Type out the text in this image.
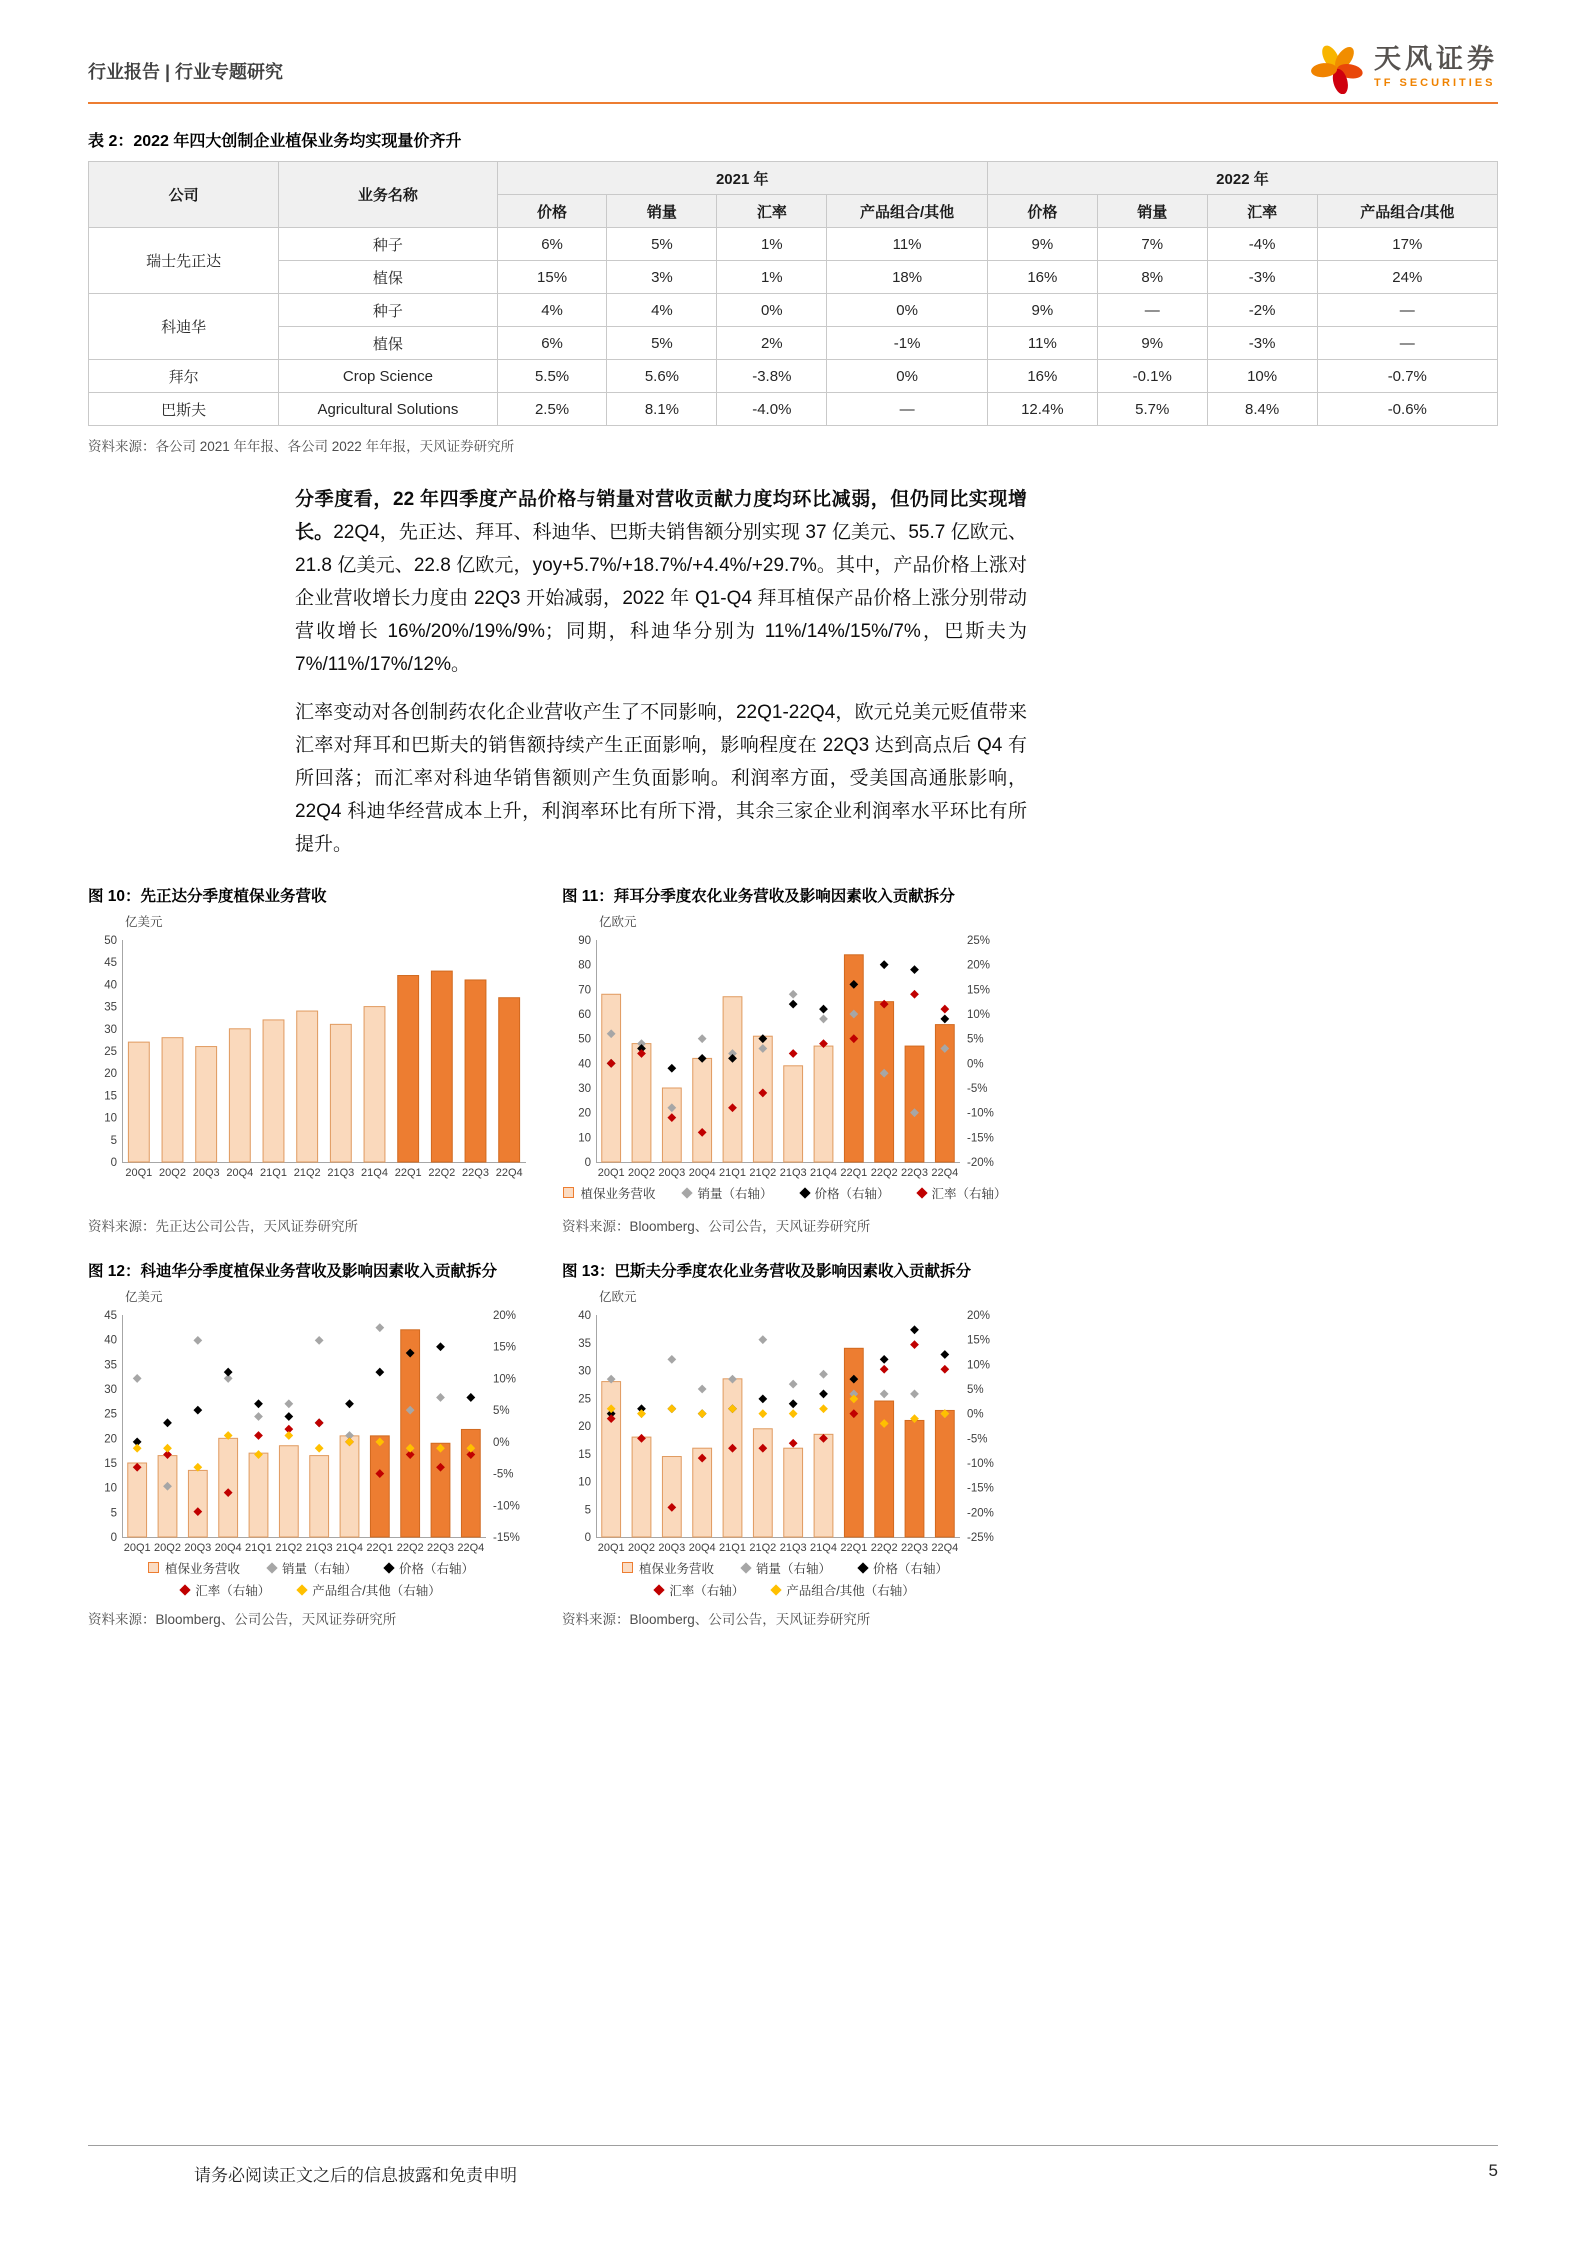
行业报告 | 行业专题研究	天风证券
TF SECURITIES
表 2：2022 年四大创制企业植保业务均实现量价齐升
公司	业务名称	2021 年				2022 年			
		价格	销量	汇率	产品组合/其他	价格	销量	汇率	产品组合/其他
瑞士先正达	种子	6%	5%	1%	11%	9%	7%	-4%	17%
	植保	15%	3%	1%	18%	16%	8%	-3%	24%
科迪华	种子	4%	4%	0%	0%	9%	—	-2%	—
	植保	6%	5%	2%	-1%	11%	9%	-3%	—
拜尔	Crop Science	5.5%	5.6%	-3.8%	0%	16%	-0.1%	10%	-0.7%
巴斯夫	Agricultural Solutions	2.5%	8.1%	-4.0%	—	12.4%	5.7%	8.4%	-0.6%
资料来源：各公司 2021 年年报、各公司 2022 年年报，天风证券研究所

分季度看，22 年四季度产品价格与销量对营收贡献力度均环比减弱，但仍同比实现增长。22Q4，先正达、拜耳、科迪华、巴斯夫销售额分别实现 37 亿美元、55.7 亿欧元、21.8 亿美元、22.8 亿欧元，yoy+5.7%/+18.7%/+4.4%/+29.7%。其中，产品价格上涨对企业营收增长力度由 22Q3 开始减弱，2022 年 Q1-Q4 拜耳植保产品价格上涨分别带动营收增长 16%/20%/19%/9%；同期，科迪华分别为 11%/14%/15%/7%，巴斯夫为 7%/11%/17%/12%。

汇率变动对各创制药农化企业营收产生了不同影响，22Q1-22Q4，欧元兑美元贬值带来汇率对拜耳和巴斯夫的销售额持续产生正面影响，影响程度在 22Q3 达到高点后 Q4 有所回落；而汇率对科迪华销售额则产生负面影响。利润率方面，受美国高通胀影响，22Q4 科迪华经营成本上升，利润率环比有所下滑，其余三家企业利润率水平环比有所提升。

图 10：先正达分季度植保业务营收
0
5
10
15
20
25
30
35
40
45
50
亿美元
20Q1 20Q2 20Q3 20Q4 21Q1 21Q2 21Q3 21Q4 22Q1 22Q2 22Q3 22Q4
资料来源：先正达公司公告，天风证券研究所
图 11：拜耳分季度农化业务营收及影响因素收入贡献拆分
0
10
20
30
40
50
60
70
80
90
-20%
-15%
-10%
-5%
0%
5%
10%
15%
20%
25%
亿欧元
20Q1 20Q2 20Q3 20Q4 21Q1 21Q2 21Q3 21Q4 22Q1 22Q2 22Q3 22Q4
植保业务营收	销量（右轴）	价格（右轴）	汇率（右轴）
资料来源：Bloomberg、公司公告，天风证券研究所
图 12：科迪华分季度植保业务营收及影响因素收入贡献拆分
0
5
10
15
20
25
30
35
40
45
-15%
-10%
-5%
0%
5%
10%
15%
20%
亿美元
20Q1 20Q2 20Q3 20Q4 21Q1 21Q2 21Q3 21Q4 22Q1 22Q2 22Q3 22Q4
植保业务营收	销量（右轴）	价格（右轴）
汇率（右轴）	产品组合/其他（右轴）
资料来源：Bloomberg、公司公告，天风证券研究所
图 13：巴斯夫分季度农化业务营收及影响因素收入贡献拆分
0
5
10
15
20
25
30
35
40
-25%
-20%
-15%
-10%
-5%
0%
5%
10%
15%
20%
亿欧元
20Q1 20Q2 20Q3 20Q4 21Q1 21Q2 21Q3 21Q4 22Q1 22Q2 22Q3 22Q4
植保业务营收	销量（右轴）	价格（右轴）
汇率（右轴）	产品组合/其他（右轴）
资料来源：Bloomberg、公司公告，天风证券研究所
请务必阅读正文之后的信息披露和免责申明	5
